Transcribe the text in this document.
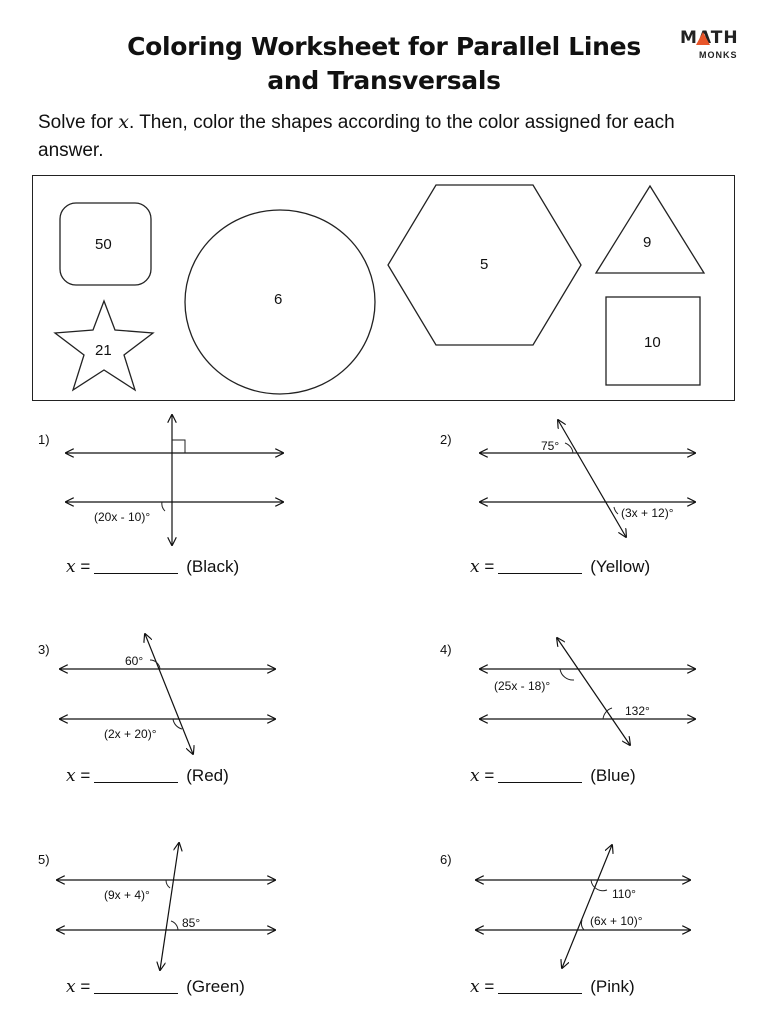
Coloring Worksheet for Parallel Lines
and Transversals
MATH
MONKS
Solve for x. Then, color the shapes according to the color assigned for each answer.
50
21
6
5
9
10
1)	2)
3)	4)
5)	6)
(20x - 10)°
75°
(3x + 12)°
60°
(2x + 20)°
(25x - 18)°
132°
(9x + 4)°
85°
110°
(6x + 10)°
x =	(Black)	x =	(Yellow)
x =	(Red)	x =	(Blue)
x =	(Green)	x =	(Pink)
